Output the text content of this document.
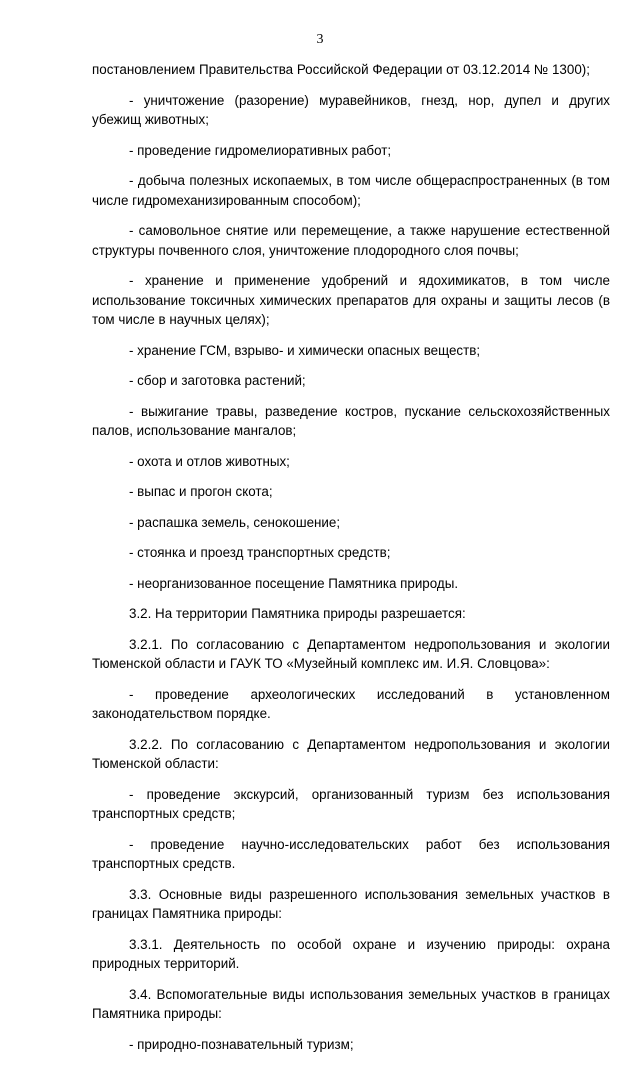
3

постановлением Правительства Российской Федерации от 03.12.2014 № 1300);

- уничтожение (разорение) муравейников, гнезд, нор, дупел и других убежищ животных;

- проведение гидромелиоративных работ;

- добыча полезных ископаемых, в том числе общераспространенных (в том числе гидромеханизированным способом);

- самовольное снятие или перемещение, а также нарушение естественной структуры почвенного слоя, уничтожение плодородного слоя почвы;

- хранение и применение удобрений и ядохимикатов, в том числе использование токсичных химических препаратов для охраны и защиты лесов (в том числе в научных целях);

- хранение ГСМ, взрыво- и химически опасных веществ;

- сбор и заготовка растений;

- выжигание травы, разведение костров, пускание сельскохозяйственных палов, использование мангалов;

- охота и отлов животных;

- выпас и прогон скота;

- распашка земель, сенокошение;

- стоянка и проезд транспортных средств;

- неорганизованное посещение Памятника природы.

3.2. На территории Памятника природы разрешается:

3.2.1. По согласованию с Департаментом недропользования и экологии Тюменской области и ГАУК ТО «Музейный комплекс им. И.Я. Словцова»:

- проведение археологических исследований в установленном законодательством порядке.

3.2.2. По согласованию с Департаментом недропользования и экологии Тюменской области:

- проведение экскурсий, организованный туризм без использования транспортных средств;

- проведение научно-исследовательских работ без использования транспортных средств.

3.3. Основные виды разрешенного использования земельных участков в границах Памятника природы:

3.3.1. Деятельность по особой охране и изучению природы: охрана природных территорий.

3.4. Вспомогательные виды использования земельных участков в границах Памятника природы:

- природно-познавательный туризм;
